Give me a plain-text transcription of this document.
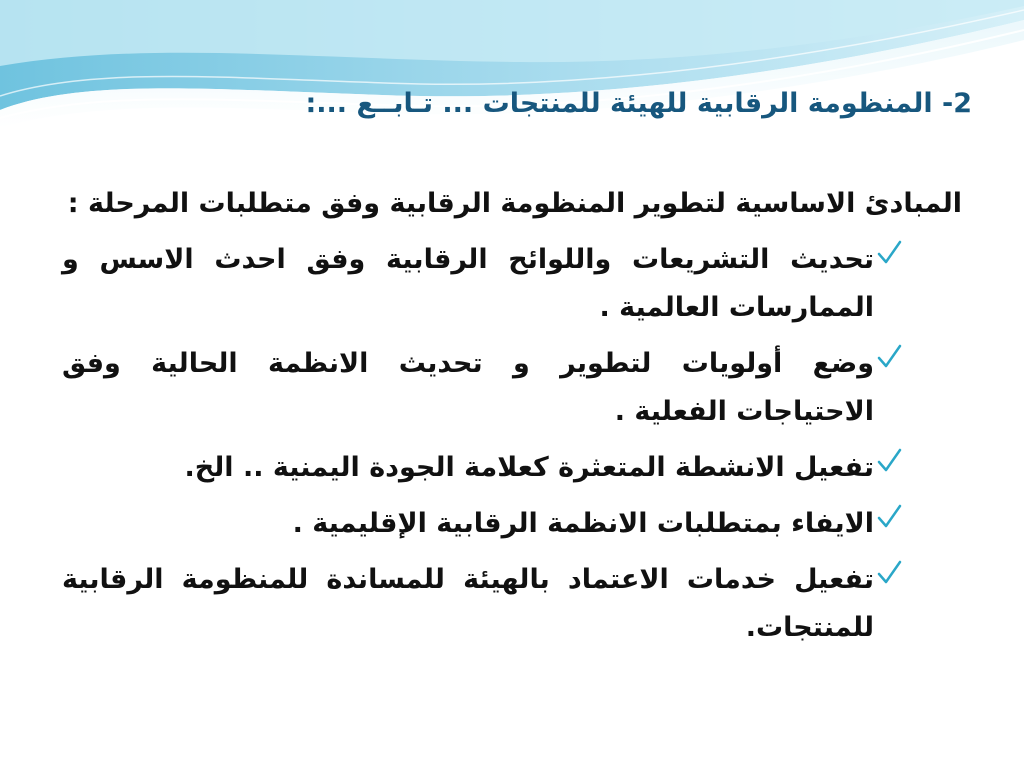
2- المنظومة الرقابية للهيئة للمنتجات ... تـابــع ...:

المبادئ الاساسية لتطوير المنظومة الرقابية وفق متطلبات المرحلة :

تحديث التشريعات واللوائح الرقابية وفق احدث الاسس و الممارسات العالمية .
وضع أولويات لتطوير و تحديث الانظمة الحالية وفق الاحتياجات الفعلية .
تفعيل الانشطة المتعثرة كعلامة الجودة اليمنية .. الخ.
الايفاء بمتطلبات الانظمة الرقابية الإقليمية .
تفعيل خدمات الاعتماد بالهيئة للمساندة للمنظومة الرقابية للمنتجات.
